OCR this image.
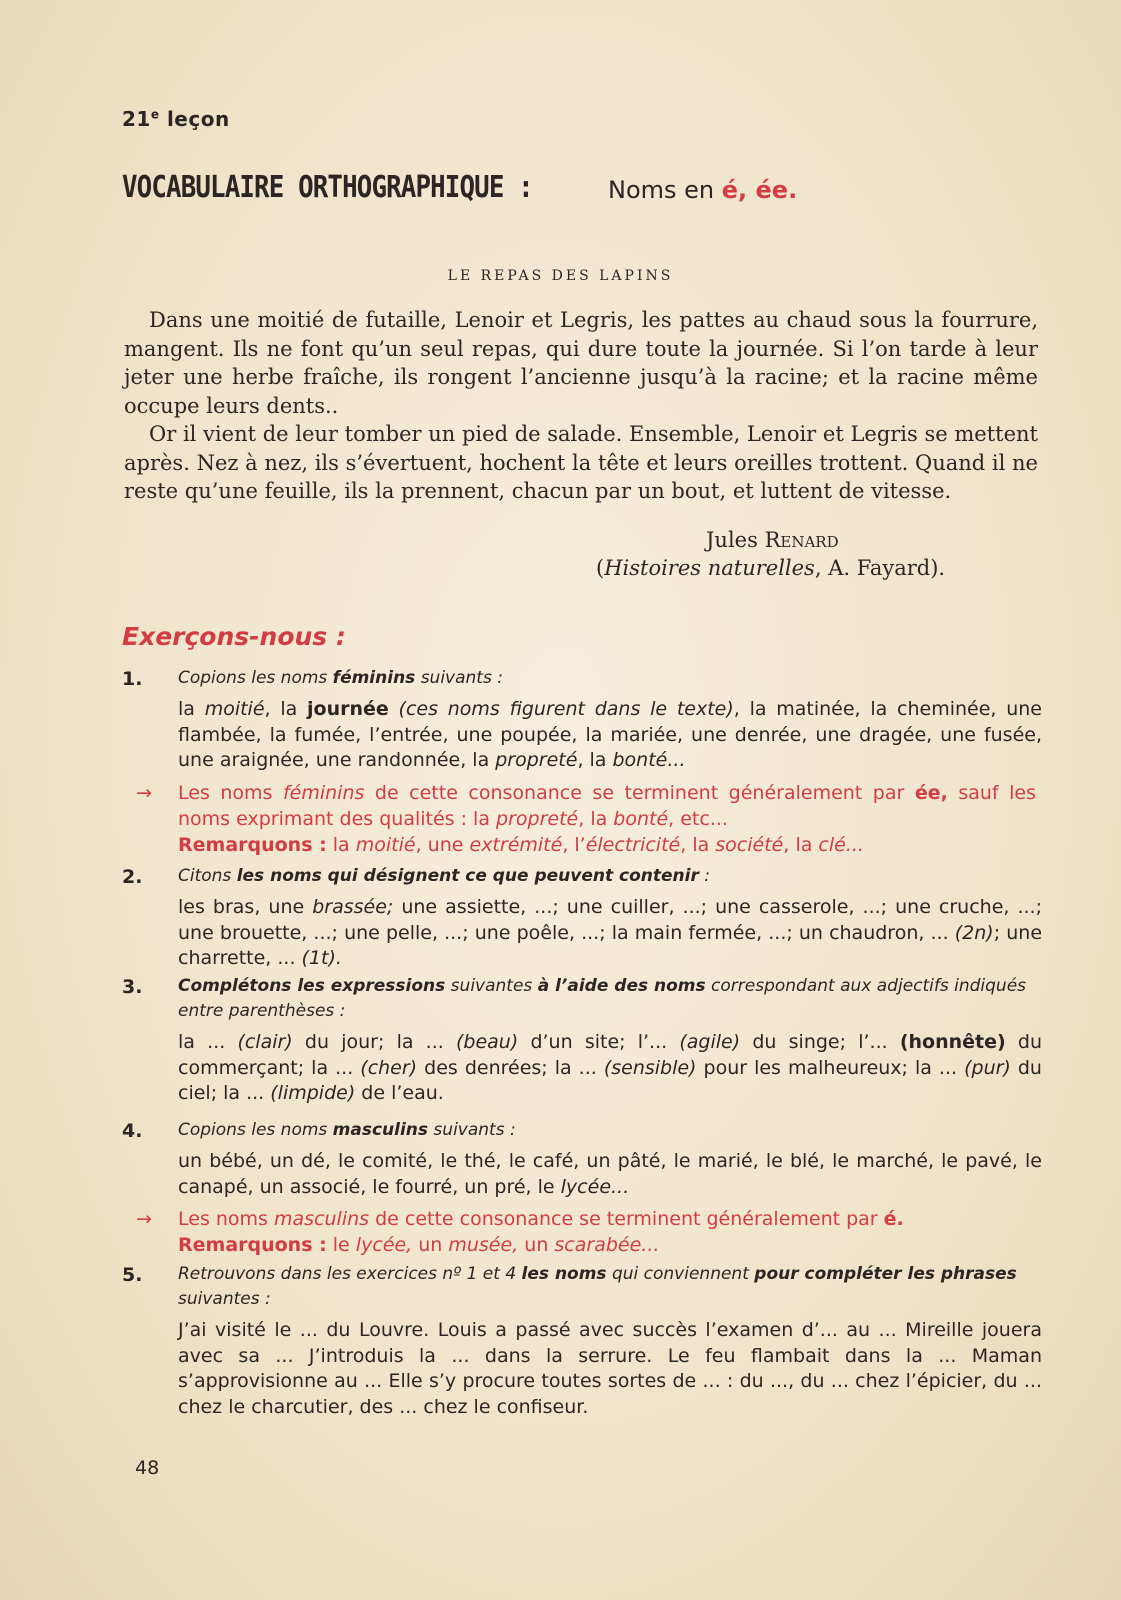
21e leçon
VOCABULAIRE ORTHOGRAPHIQUE :	Noms en é, ée.
LE REPAS DES LAPINS

Dans une moitié de futaille, Lenoir et Legris, les pattes au chaud sous la fourrure, mangent. Ils ne font qu’un seul repas, qui dure toute la journée. Si l’on tarde à leur jeter une herbe fraîche, ils rongent l’ancienne jusqu’à la racine; et la racine même occupe leurs dents..

Or il vient de leur tomber un pied de salade. Ensemble, Lenoir et Legris se mettent après. Nez à nez, ils s’évertuent, hochent la tête et leurs oreilles trottent. Quand il ne reste qu’une feuille, ils la prennent, chacun par un bout, et luttent de vitesse.

Jules Renard
(Histoires naturelles, A. Fayard).
Exerçons-nous :
1. Copions les noms féminins suivants :
la moitié, la journée (ces noms figurent dans le texte), la matinée, la cheminée, une flambée, la fumée, l’entrée, une poupée, la mariée, une denrée, une dragée, une fusée, une araignée, une randonnée, la propreté, la bonté...
→ Les noms féminins de cette consonance se terminent généralement par ée, sauf les noms exprimant des qualités : la propreté, la bonté, etc...
Remarquons : la moitié, une extrémité, l’électricité, la société, la clé...
2. Citons les noms qui désignent ce que peuvent contenir :
les bras, une brassée; une assiette, ...; une cuiller, ...; une casserole, ...; une cruche, ...; une brouette, ...; une pelle, ...; une poêle, ...; la main fermée, ...; un chaudron, ... (2n); une charrette, ... (1t).
3. Complétons les expressions suivantes à l’aide des noms correspondant aux adjectifs indiqués entre parenthèses :
la ... (clair) du jour; la ... (beau) d’un site; l’... (agile) du singe; l’... (honnête) du commerçant; la ... (cher) des denrées; la ... (sensible) pour les malheureux; la ... (pur) du ciel; la ... (limpide) de l’eau.
4. Copions les noms masculins suivants :
un bébé, un dé, le comité, le thé, le café, un pâté, le marié, le blé, le marché, le pavé, le canapé, un associé, le fourré, un pré, le lycée...
→ Les noms masculins de cette consonance se terminent généralement par é.
Remarquons : le lycée, un musée, un scarabée...
5. Retrouvons dans les exercices nº 1 et 4 les noms qui conviennent pour compléter les phrases suivantes :
J’ai visité le ... du Louvre. Louis a passé avec succès l’examen d’... au ... Mireille jouera avec sa ... J’introduis la ... dans la serrure. Le feu flambait dans la ... Maman s’approvisionne au ... Elle s’y procure toutes sortes de ... : du ..., du ... chez l’épicier, du ... chez le charcutier, des ... chez le confiseur.
48
